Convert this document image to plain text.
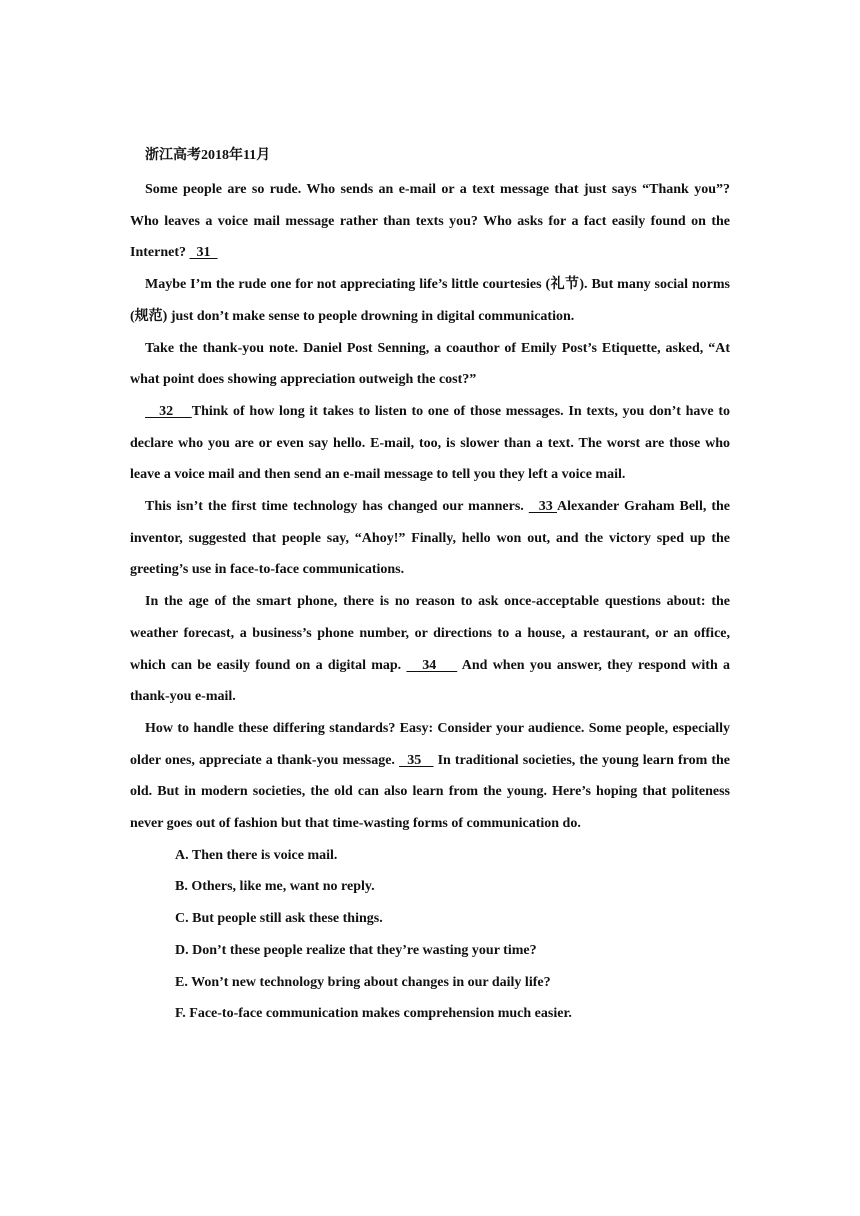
浙江高考2018年11月

Some people are so rude. Who sends an e-mail or a text message that just says “Thank you”? Who leaves a voice mail message rather than texts you? Who asks for a fact easily found on the Internet?   31

Maybe I’m the rude one for not appreciating life’s little courtesies (礼节). But many social norms (规范) just don’t make sense to people drowning in digital communication.

Take the thank-you note. Daniel Post Senning, a coauthor of Emily Post’s Etiquette, asked, “At what point does showing appreciation outweigh the cost?”

32    Think of how long it takes to listen to one of those messages. In texts, you don’t have to declare who you are or even say hello. E-mail, too, is slower than a text. The worst are those who leave a voice mail and then send an e-mail message to tell you they left a voice mail.

This isn’t the first time technology has changed our manners.   33 Alexander Graham Bell, the inventor, suggested that people say, “Ahoy!” Finally, hello won out, and the victory sped up the greeting’s use in face-to-face communications.

In the age of the smart phone, there is no reason to ask once-acceptable questions about: the weather forecast, a business’s phone number, or directions to a house, a restaurant, or an office, which can be easily found on a digital map.    34     And when you answer, they respond with a thank-you e-mail.

How to handle these differing standards? Easy: Consider your audience. Some people, especially older ones, appreciate a thank-you message.   35    In traditional societies, the young learn from the old. But in modern societies, the old can also learn from the young. Here’s hoping that politeness never goes out of fashion but that time-wasting forms of communication do.

A. Then there is voice mail.

B. Others, like me, want no reply.

C. But people still ask these things.

D. Don’t these people realize that they’re wasting your time?

E. Won’t new technology bring about changes in our daily life?

F. Face-to-face communication makes comprehension much easier.
